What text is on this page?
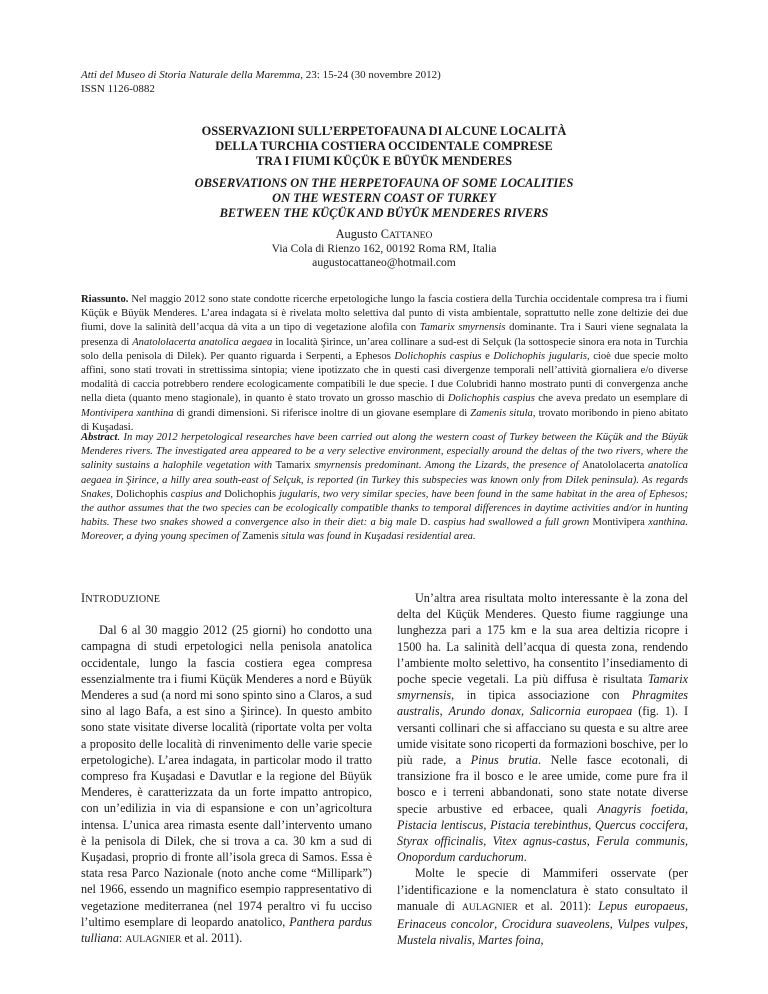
Atti del Museo di Storia Naturale della Maremma, 23: 15-24 (30 novembre 2012)
ISSN 1126-0882
OSSERVAZIONI SULL’ERPETOFAUNA DI ALCUNE LOCALITÀ
DELLA TURCHIA COSTIERA OCCIDENTALE COMPRESE
TRA I FIUMI KÜÇÜK E BÜYÜK MENDERES
OBSERVATIONS ON THE HERPETOFAUNA OF SOME LOCALITIES
ON THE WESTERN COAST OF TURKEY
BETWEEN THE KÜÇÜK AND BÜYÜK MENDERES RIVERS
Augusto CATTANEO
Via Cola di Rienzo 162, 00192 Roma RM, Italia
augustocattaneo@hotmail.com
Riassunto. Nel maggio 2012 sono state condotte ricerche erpetologiche lungo la fascia costiera della Turchia occidentale compresa tra i fiumi Küçük e Büyük Menderes. L’area indagata si è rivelata molto selettiva dal punto di vista ambientale, soprattutto nelle zone deltizie dei due fiumi, dove la salinità dell’acqua dà vita a un tipo di vegetazione alofila con Tamarix smyrnensis dominante. Tra i Sauri viene segnalata la presenza di Anatololacerta anatolica aegaea in località Şirince, un’area collinare a sud-est di Selçuk (la sottospecie sinora era nota in Turchia solo della penisola di Dilek). Per quanto riguarda i Serpenti, a Ephesos Dolichophis caspius e Dolichophis jugularis, cioè due specie molto affini, sono stati trovati in strettissima sintopia; viene ipotizzato che in questi casi divergenze temporali nell’attività giornaliera e/o diverse modalità di caccia potrebbero rendere ecologicamente compatibili le due specie. I due Colubridi hanno mostrato punti di convergenza anche nella dieta (quanto meno stagionale), in quanto è stato trovato un grosso maschio di Dolichophis caspius che aveva predato un esemplare di Montivipera xanthina di grandi dimensioni. Si riferisce inoltre di un giovane esemplare di Zamenis situla, trovato moribondo in pieno abitato di Kuşadasi.
Abstract. In may 2012 herpetological researches have been carried out along the western coast of Turkey between the Küçük and the Büyük Menderes rivers. The investigated area appeared to be a very selective environment, especially around the deltas of the two rivers, where the salinity sustains a halophile vegetation with Tamarix smyrnensis predominant. Among the Lizards, the presence of Anatololacerta anatolica aegaea in Şirince, a hilly area south-east of Selçuk, is reported (in Turkey this subspecies was known only from Dilek peninsula). As regards Snakes, Dolichophis caspius and Dolichophis jugularis, two very similar species, have been found in the same habitat in the area of Ephesos; the author assumes that the two species can be ecologically compatible thanks to temporal differences in daytime activities and/or in hunting habits. These two snakes showed a convergence also in their diet: a big male D. caspius had swallowed a full grown Montivipera xanthina. Moreover, a dying young specimen of Zamenis situla was found in Kuşadasi residential area.
INTRODUZIONE

Dal 6 al 30 maggio 2012 (25 giorni) ho condotto una campagna di studi erpetologici nella penisola anatolica occidentale, lungo la fascia costiera egea compresa essenzialmente tra i fiumi Küçük Menderes a nord e Büyük Menderes a sud (a nord mi sono spinto sino a Claros, a sud sino al lago Bafa, a est sino a Şirince). In questo ambito sono state visitate diverse località (riportate volta per volta a proposito delle località di rinvenimento delle varie specie erpetologiche). L’area indagata, in particolar modo il tratto compreso fra Kuşadasi e Davutlar e la regione del Büyük Menderes, è caratterizzata da un forte impatto antropico, con un’edilizia in via di espansione e con un’agricoltura intensa. L’unica area rimasta esente dall’intervento umano è la penisola di Dilek, che si trova a ca. 30 km a sud di Kuşadasi, proprio di fronte all’isola greca di Samos. Essa è stata resa Parco Nazionale (noto anche come “Millipark”) nel 1966, essendo un magnifico esempio rappresentativo di vegetazione mediterranea (nel 1974 peraltro vi fu ucciso l’ultimo esemplare di leopardo anatolico, Panthera pardus tulliana: AULAGNIER et al. 2011).

Un’altra area risultata molto interessante è la zona del delta del Küçük Menderes. Questo fiume raggiunge una lunghezza pari a 175 km e la sua area deltizia ricopre i 1500 ha. La salinità dell’acqua di questa zona, rendendo l’ambiente molto selettivo, ha consentito l’insediamento di poche specie vegetali. La più diffusa è risultata Tamarix smyrnensis, in tipica associazione con Phragmites australis, Arundo donax, Salicornia europaea (fig. 1). I versanti collinari che si affacciano su questa e su altre aree umide visitate sono ricoperti da formazioni boschive, per lo più rade, a Pinus brutia. Nelle fasce ecotonali, di transizione fra il bosco e le aree umide, come pure fra il bosco e i terreni abbandonati, sono state notate diverse specie arbustive ed erbacee, quali Anagyris foetida, Pistacia lentiscus, Pistacia terebinthus, Quercus coccifera, Styrax officinalis, Vitex agnus-castus, Ferula communis, Onopordum carduchorum.

Molte le specie di Mammiferi osservate (per l’identificazione e la nomenclatura è stato consultato il manuale di AULAGNIER et al. 2011): Lepus europaeus, Erinaceus concolor, Crocidura suaveolens, Vulpes vulpes, Mustela nivalis, Martes foina,
